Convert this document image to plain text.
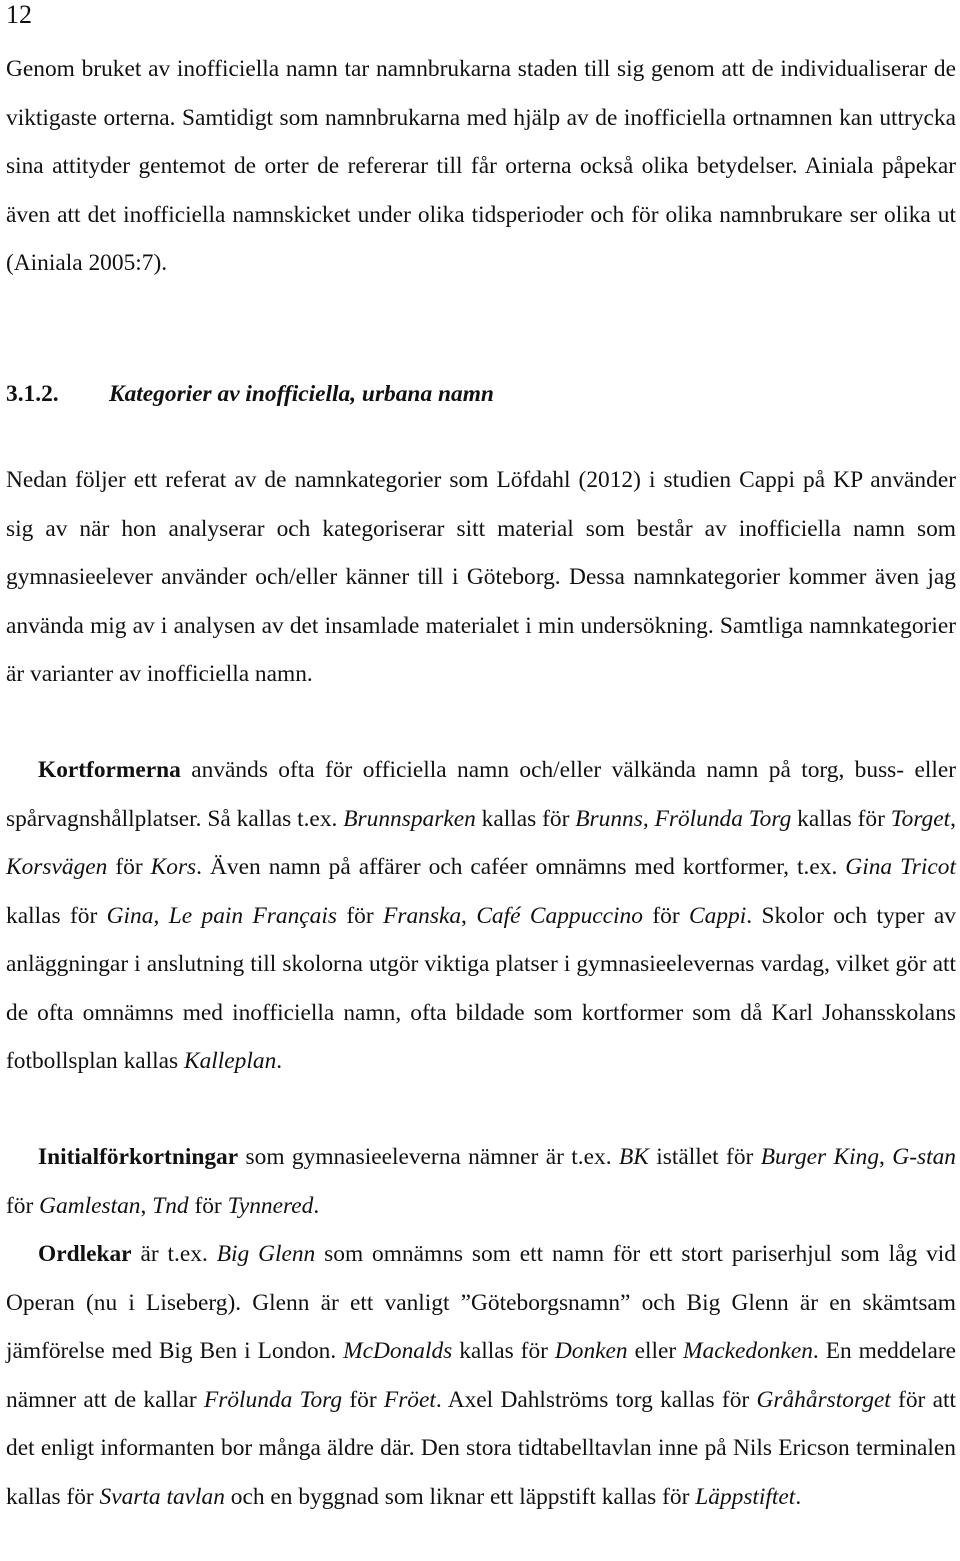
12

Genom bruket av inofficiella namn tar namnbrukarna staden till sig genom att de individualiserar de viktigaste orterna. Samtidigt som namnbrukarna med hjälp av de inofficiella ortnamnen kan uttrycka sina attityder gentemot de orter de refererar till får orterna också olika betydelser. Ainiala påpekar även att det inofficiella namnskicket under olika tidsperioder och för olika namnbrukare ser olika ut (Ainiala 2005:7).

3.1.2. Kategorier av inofficiella, urbana namn

Nedan följer ett referat av de namnkategorier som Löfdahl (2012) i studien Cappi på KP använder sig av när hon analyserar och kategoriserar sitt material som består av inofficiella namn som gymnasieelever använder och/eller känner till i Göteborg. Dessa namnkategorier kommer även jag använda mig av i analysen av det insamlade materialet i min undersökning. Samtliga namnkategorier är varianter av inofficiella namn.

Kortformerna används ofta för officiella namn och/eller välkända namn på torg, buss- eller spårvagnshållplatser. Så kallas t.ex. Brunnsparken kallas för Brunns, Frölunda Torg kallas för Torget, Korsvägen för Kors. Även namn på affärer och caféer omnämns med kortformer, t.ex. Gina Tricot kallas för Gina, Le pain Français för Franska, Café Cappuccino för Cappi. Skolor och typer av anläggningar i anslutning till skolorna utgör viktiga platser i gymnasieelevernas vardag, vilket gör att de ofta omnämns med inofficiella namn, ofta bildade som kortformer som då Karl Johansskolans fotbollsplan kallas Kalleplan.

Initialförkortningar som gymnasieeleverna nämner är t.ex. BK istället för Burger King, G-stan för Gamlestan, Tnd för Tynnered.

Ordlekar är t.ex. Big Glenn som omnämns som ett namn för ett stort pariserhjul som låg vid Operan (nu i Liseberg). Glenn är ett vanligt ”Göteborgsnamn” och Big Glenn är en skämtsam jämförelse med Big Ben i London. McDonalds kallas för Donken eller Mackedonken. En meddelare nämner att de kallar Frölunda Torg för Fröet. Axel Dahlströms torg kallas för Gråhårstorget för att det enligt informanten bor många äldre där. Den stora tidtabelltavlan inne på Nils Ericson terminalen kallas för Svarta tavlan och en byggnad som liknar ett läppstift kallas för Läppstiftet.
